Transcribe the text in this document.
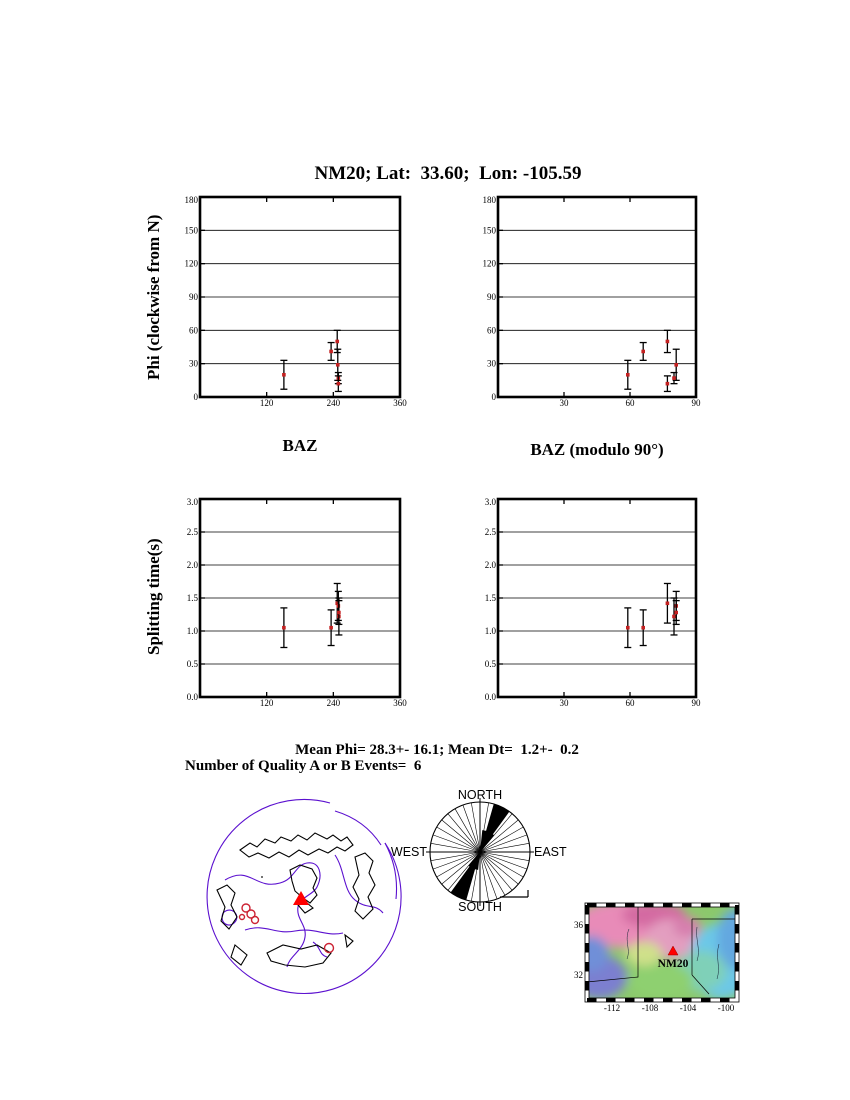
NM20; Lat:  33.60;  Lon: -105.59
Phi (clockwise from N)
Splitting time(s)
BAZ	BAZ (modulo 90°)
120	240	360
0
30
60
90
120
150
180
30	60	90
0
30
60
90
120
150
180
120	240	360
0.0
0.5
1.0
1.5
2.0
2.5
3.0
30	60	90
0.0
0.5
1.0
1.5
2.0
2.5
3.0
Mean Phi= 28.3+- 16.1; Mean Dt=  1.2+-  0.2
Number of Quality A or B Events=  6
NORTH
SOUTH
WEST	EAST
NM20
-112 -108 -104 -100
36
32
